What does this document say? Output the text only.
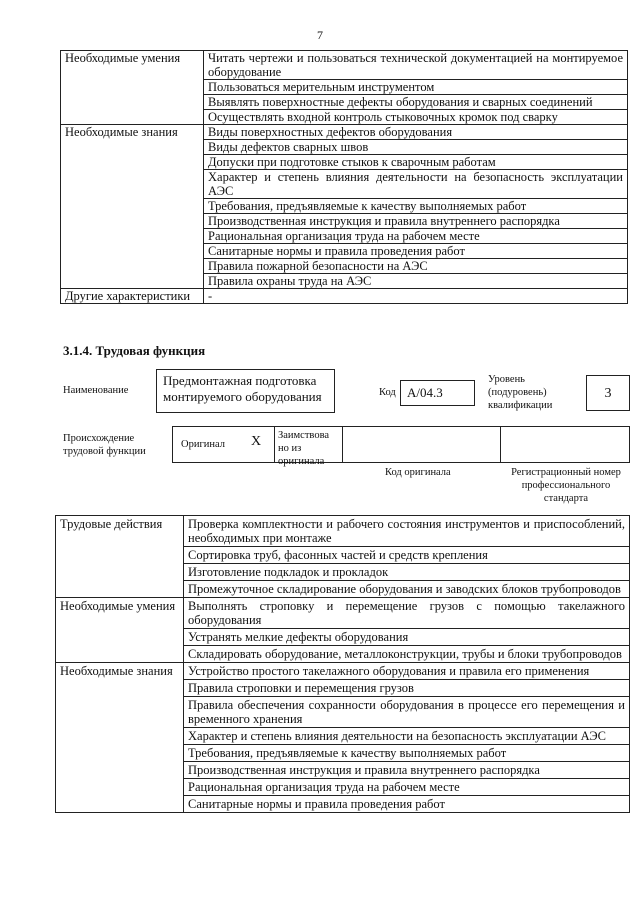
7
Необходимые умения	Читать чертежи и пользоваться технической документацией на монтируемое оборудование
	Пользоваться мерительным инструментом
	Выявлять поверхностные дефекты оборудования и сварных соединений
	Осуществлять входной контроль стыковочных кромок под сварку
Необходимые знания	Виды поверхностных дефектов оборудования
	Виды дефектов сварных швов
	Допуски при подготовке стыков к сварочным работам
	Характер и степень влияния деятельности на безопасность эксплуатации АЭС
	Требования, предъявляемые к качеству выполняемых работ
	Производственная инструкция и правила внутреннего распорядка
	Рациональная организация труда на рабочем месте
	Санитарные нормы и правила проведения работ
	Правила пожарной безопасности на АЭС
	Правила охраны труда на АЭС
Другие характеристики	-
3.1.4. Трудовая функция
Наименование
Предмонтажная подготовка монтируемого оборудования	Код A/04.3
Уровень (подуровень) квалификации
3
Происхождение трудовой функции
Оригинал X	Заимствова но из оригинала
Код оригинала	Регистрационный номер профессионального стандарта
Трудовые действия	Проверка комплектности и рабочего состояния инструментов и приспособлений, необходимых при монтаже
	Сортировка труб, фасонных частей и средств крепления
	Изготовление подкладок и прокладок
	Промежуточное складирование оборудования и заводских блоков трубопроводов
Необходимые умения	Выполнять строповку и перемещение грузов с помощью такелажного оборудования
	Устранять мелкие дефекты оборудования
	Складировать оборудование, металлоконструкции, трубы и блоки трубопроводов
Необходимые знания	Устройство простого такелажного оборудования и правила его применения
	Правила строповки и перемещения грузов
	Правила обеспечения сохранности оборудования в процессе его перемещения и временного хранения
	Характер и степень влияния деятельности на безопасность эксплуатации АЭС
	Требования, предъявляемые к качеству выполняемых работ
	Производственная инструкция и правила внутреннего распорядка
	Рациональная организация труда на рабочем месте
	Санитарные нормы и правила проведения работ
